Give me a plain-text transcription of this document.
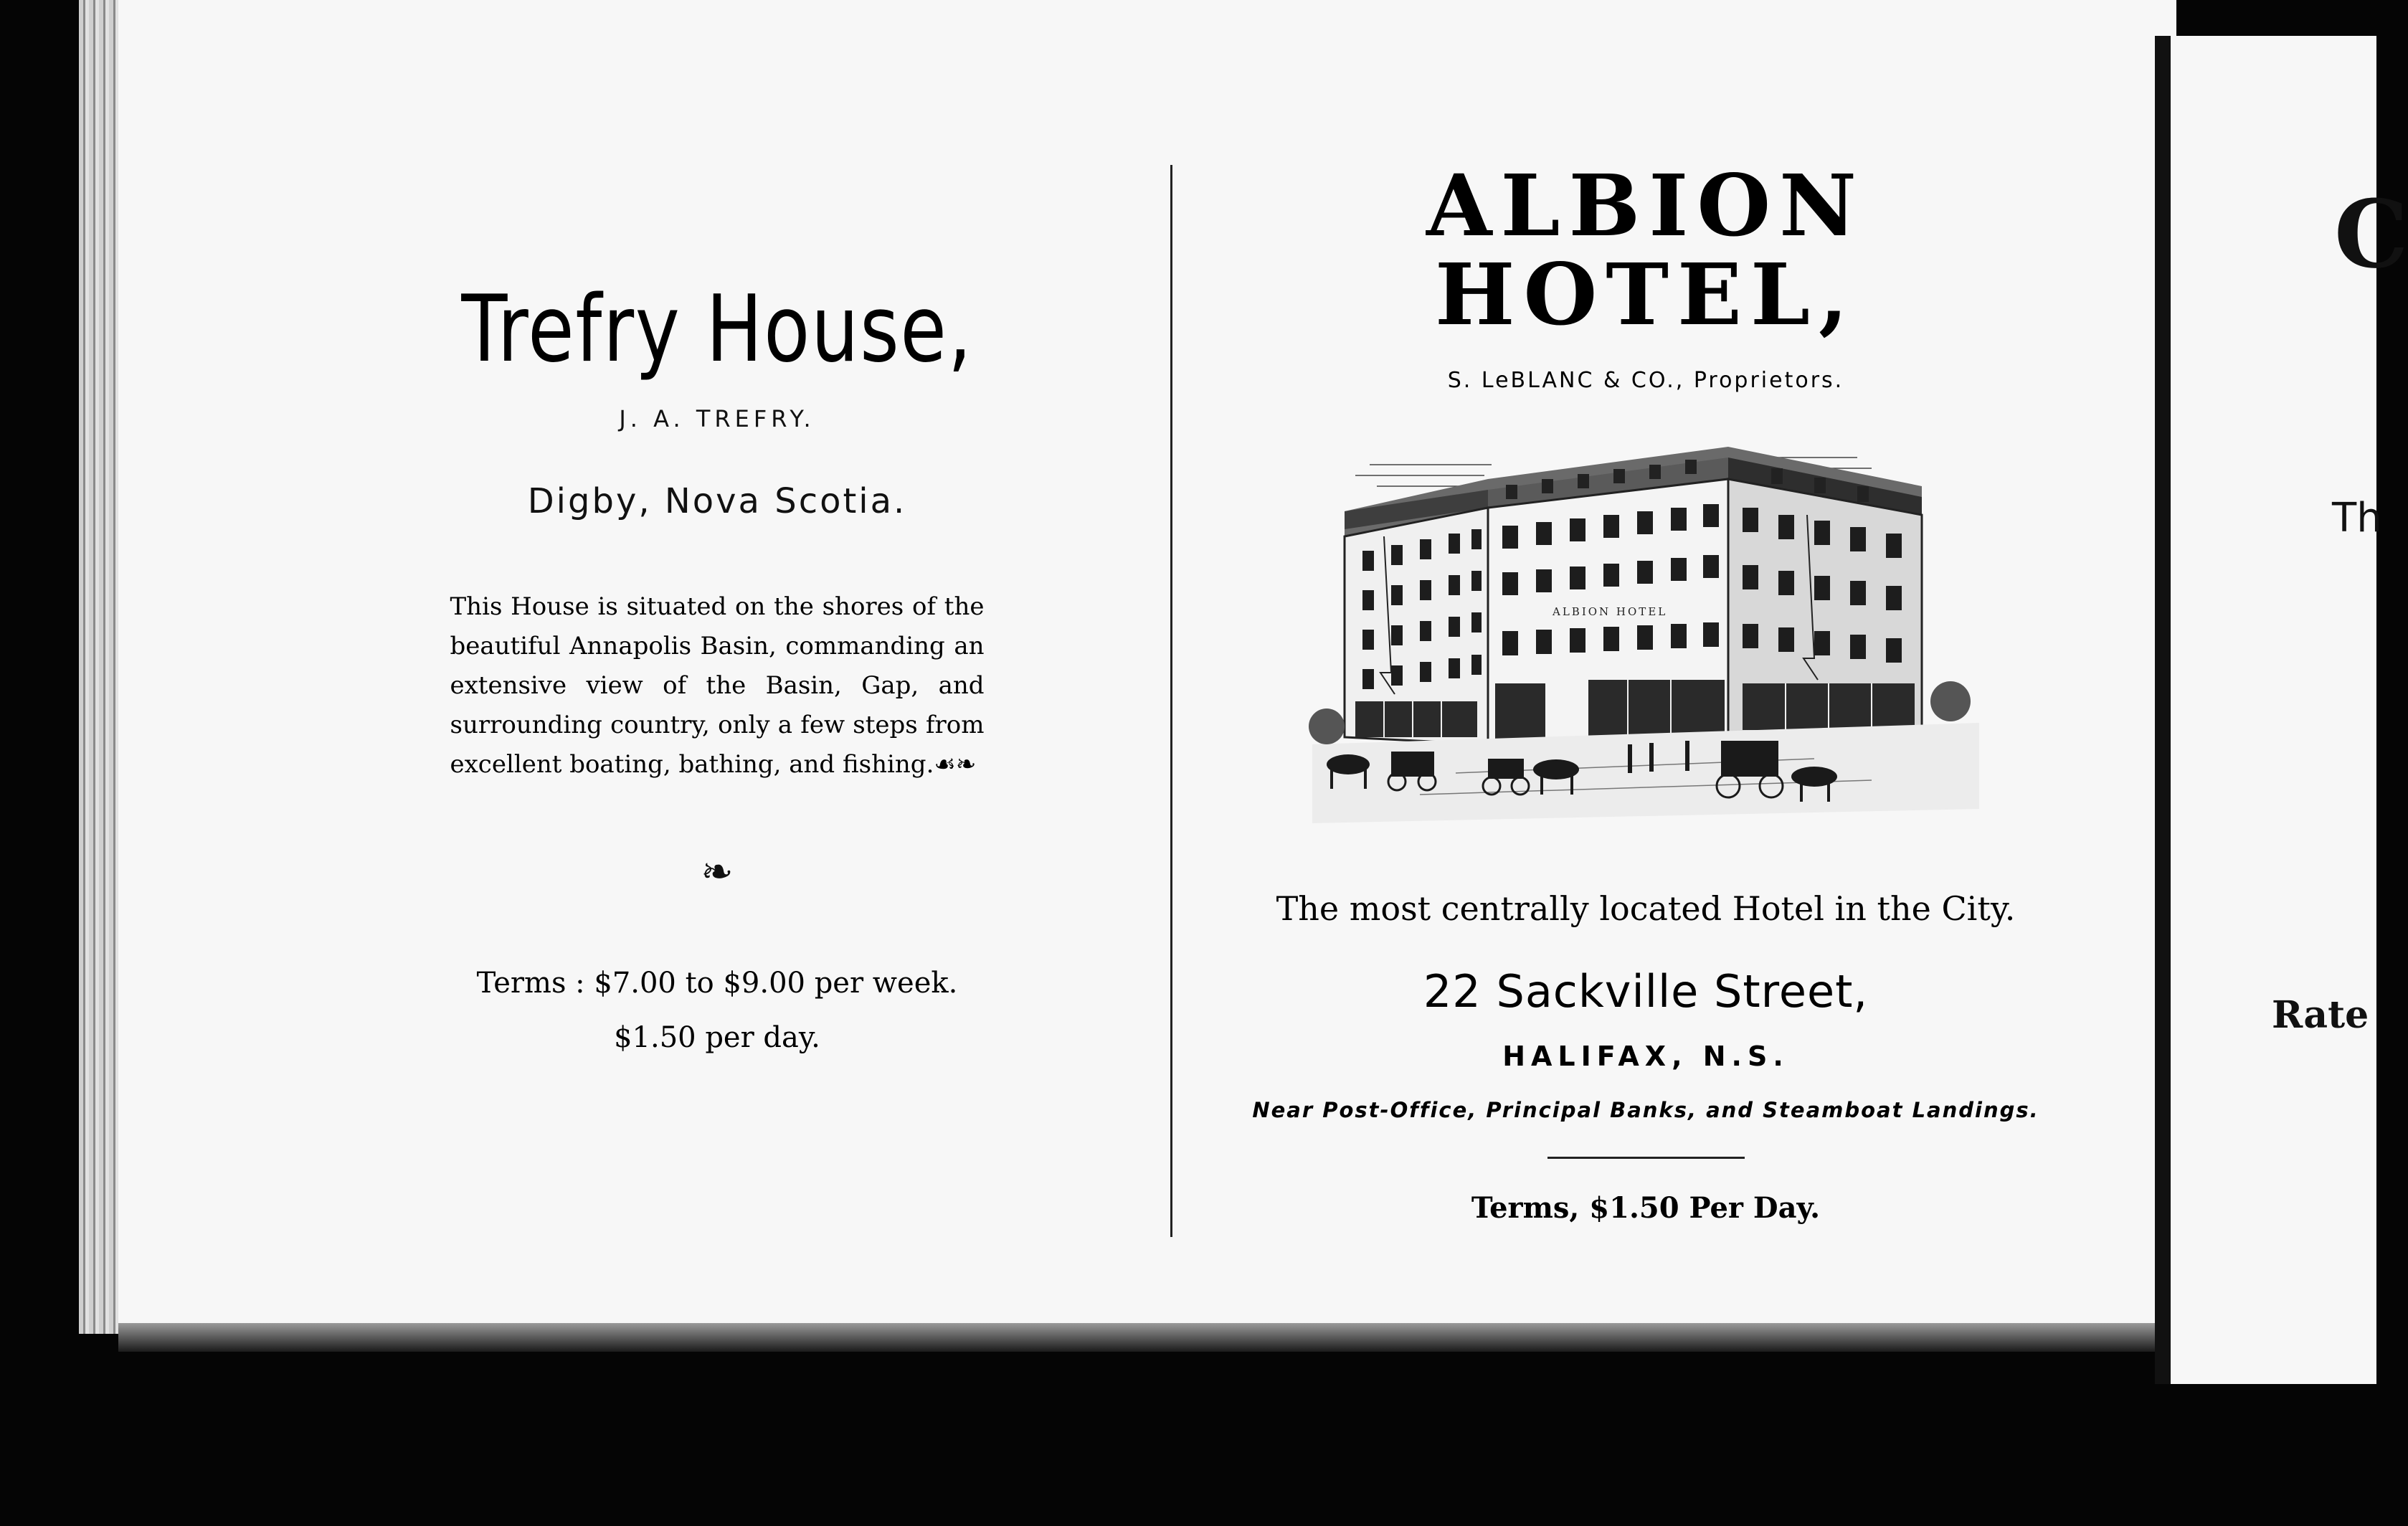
Trefry House,
J. A. TREFRY.
Digby, Nova Scotia.
This House is situated on the shores of the beautiful Annapolis Basin, commanding an extensive view of the Basin, Gap, and surrounding country, only a few steps from excellent boating, bathing, and fishing.☙❧
❧
Terms : $7.00 to $9.00 per week.
$1.50 per day.
ALBION HOTEL,
S. LeBLANC & CO., Proprietors.
ALBION HOTEL
The most centrally located Hotel in the City.
22 Sackville Street,
HALIFAX, N.S.
Near Post-Office, Principal Banks, and Steamboat Landings.
Terms, $1.50 Per Day.
C
Th
Rate
